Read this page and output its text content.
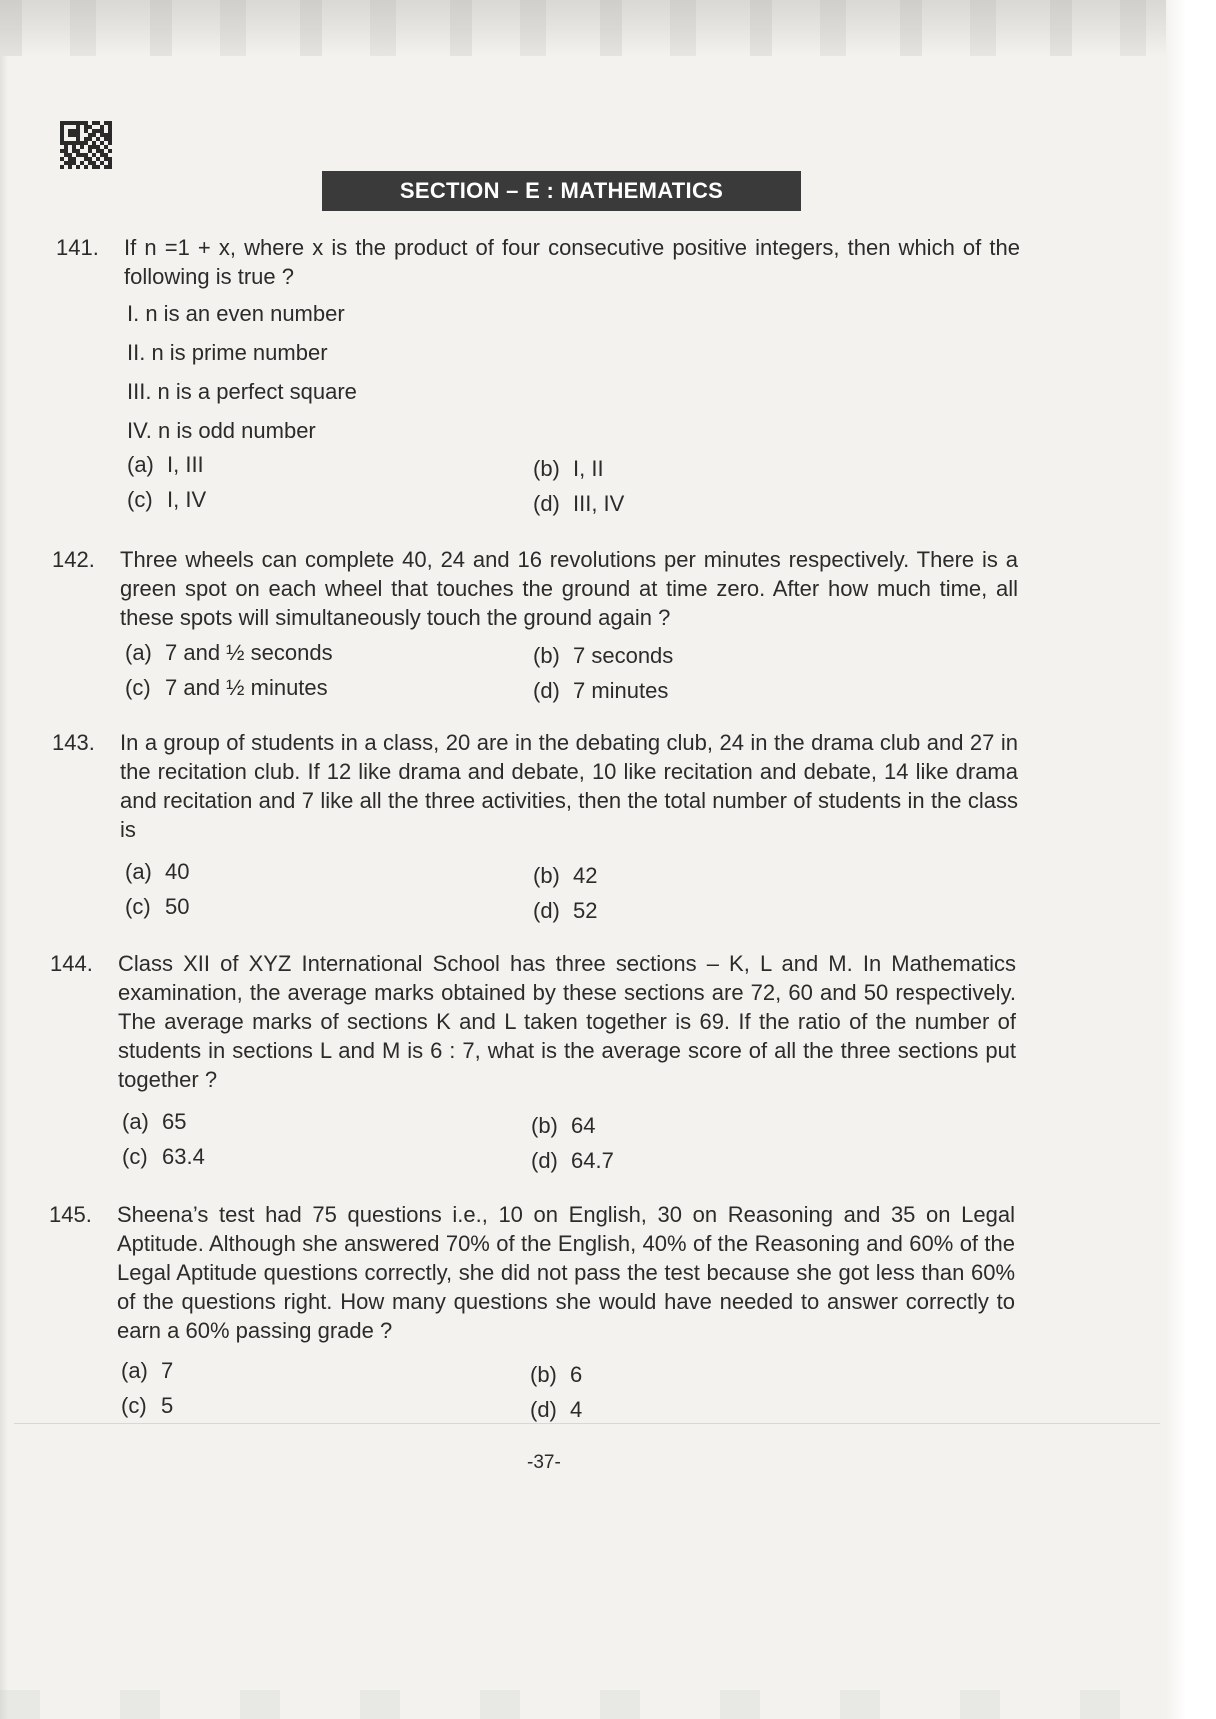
SECTION – E : MATHEMATICS
141. If n =1 + x, where x is the product of four consecutive positive integers, then which of the following is true ?
I. n is an even number
II. n is prime number
III. n is a perfect square
IV. n is odd number
(a) I, III	(b) I, II
(c) I, IV	(d) III, IV
142. Three wheels can complete 40, 24 and 16 revolutions per minutes respectively. There is a green spot on each wheel that touches the ground at time zero. After how much time, all these spots will simultaneously touch the ground again ?
(a) 7 and ½ seconds	(b) 7 seconds
(c) 7 and ½ minutes	(d) 7 minutes
143. In a group of students in a class, 20 are in the debating club, 24 in the drama club and 27 in the recitation club. If 12 like drama and debate, 10 like recitation and debate, 14 like drama and recitation and 7 like all the three activities, then the total number of students in the class is
(a) 40	(b) 42
(c) 50	(d) 52
144. Class XII of XYZ International School has three sections – K, L and M. In Mathematics examination, the average marks obtained by these sections are 72, 60 and 50 respectively. The average marks of sections K and L taken together is 69. If the ratio of the number of students in sections L and M is 6 : 7, what is the average score of all the three sections put together ?
(a) 65	(b) 64
(c) 63.4	(d) 64.7
145. Sheena’s test had 75 questions i.e., 10 on English, 30 on Reasoning and 35 on Legal Aptitude. Although she answered 70% of the English, 40% of the Reasoning and 60% of the Legal Aptitude questions correctly, she did not pass the test because she got less than 60% of the questions right. How many questions she would have needed to answer correctly to earn a 60% passing grade ?
(a) 7	(b) 6
(c) 5	(d) 4
-37-
